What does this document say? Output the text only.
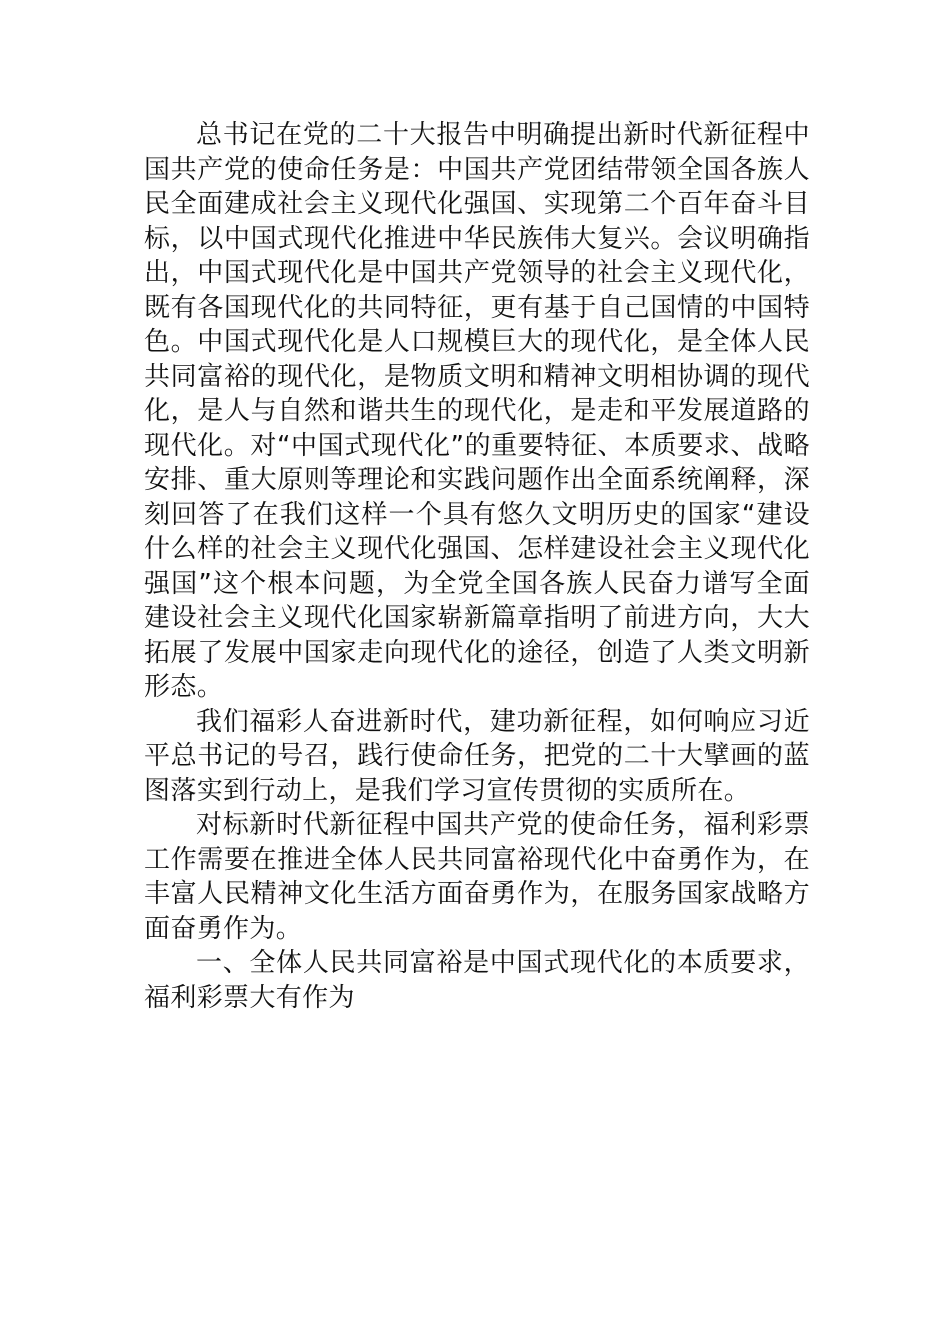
总书记在党的二十大报告中明确提出新时代新征程中国共产党的使命任务是：中国共产党团结带领全国各族人民全面建成社会主义现代化强国、实现第二个百年奋斗目标，以中国式现代化推进中华民族伟大复兴。会议明确指出，中国式现代化是中国共产党领导的社会主义现代化，既有各国现代化的共同特征，更有基于自己国情的中国特色。中国式现代化是人口规模巨大的现代化，是全体人民共同富裕的现代化，是物质文明和精神文明相协调的现代化，是人与自然和谐共生的现代化，是走和平发展道路的现代化。对“中国式现代化”的重要特征、本质要求、战略安排、重大原则等理论和实践问题作出全面系统阐释，深刻回答了在我们这样一个具有悠久文明历史的国家“建设什么样的社会主义现代化强国、怎样建设社会主义现代化强国”这个根本问题，为全党全国各族人民奋力谱写全面建设社会主义现代化国家崭新篇章指明了前进方向，大大拓展了发展中国家走向现代化的途径，创造了人类文明新形态。

我们福彩人奋进新时代，建功新征程，如何响应习近平总书记的号召，践行使命任务，把党的二十大擘画的蓝图落实到行动上，是我们学习宣传贯彻的实质所在。

对标新时代新征程中国共产党的使命任务，福利彩票工作需要在推进全体人民共同富裕现代化中奋勇作为，在丰富人民精神文化生活方面奋勇作为，在服务国家战略方面奋勇作为。

一、全体人民共同富裕是中国式现代化的本质要求，福利彩票大有作为
